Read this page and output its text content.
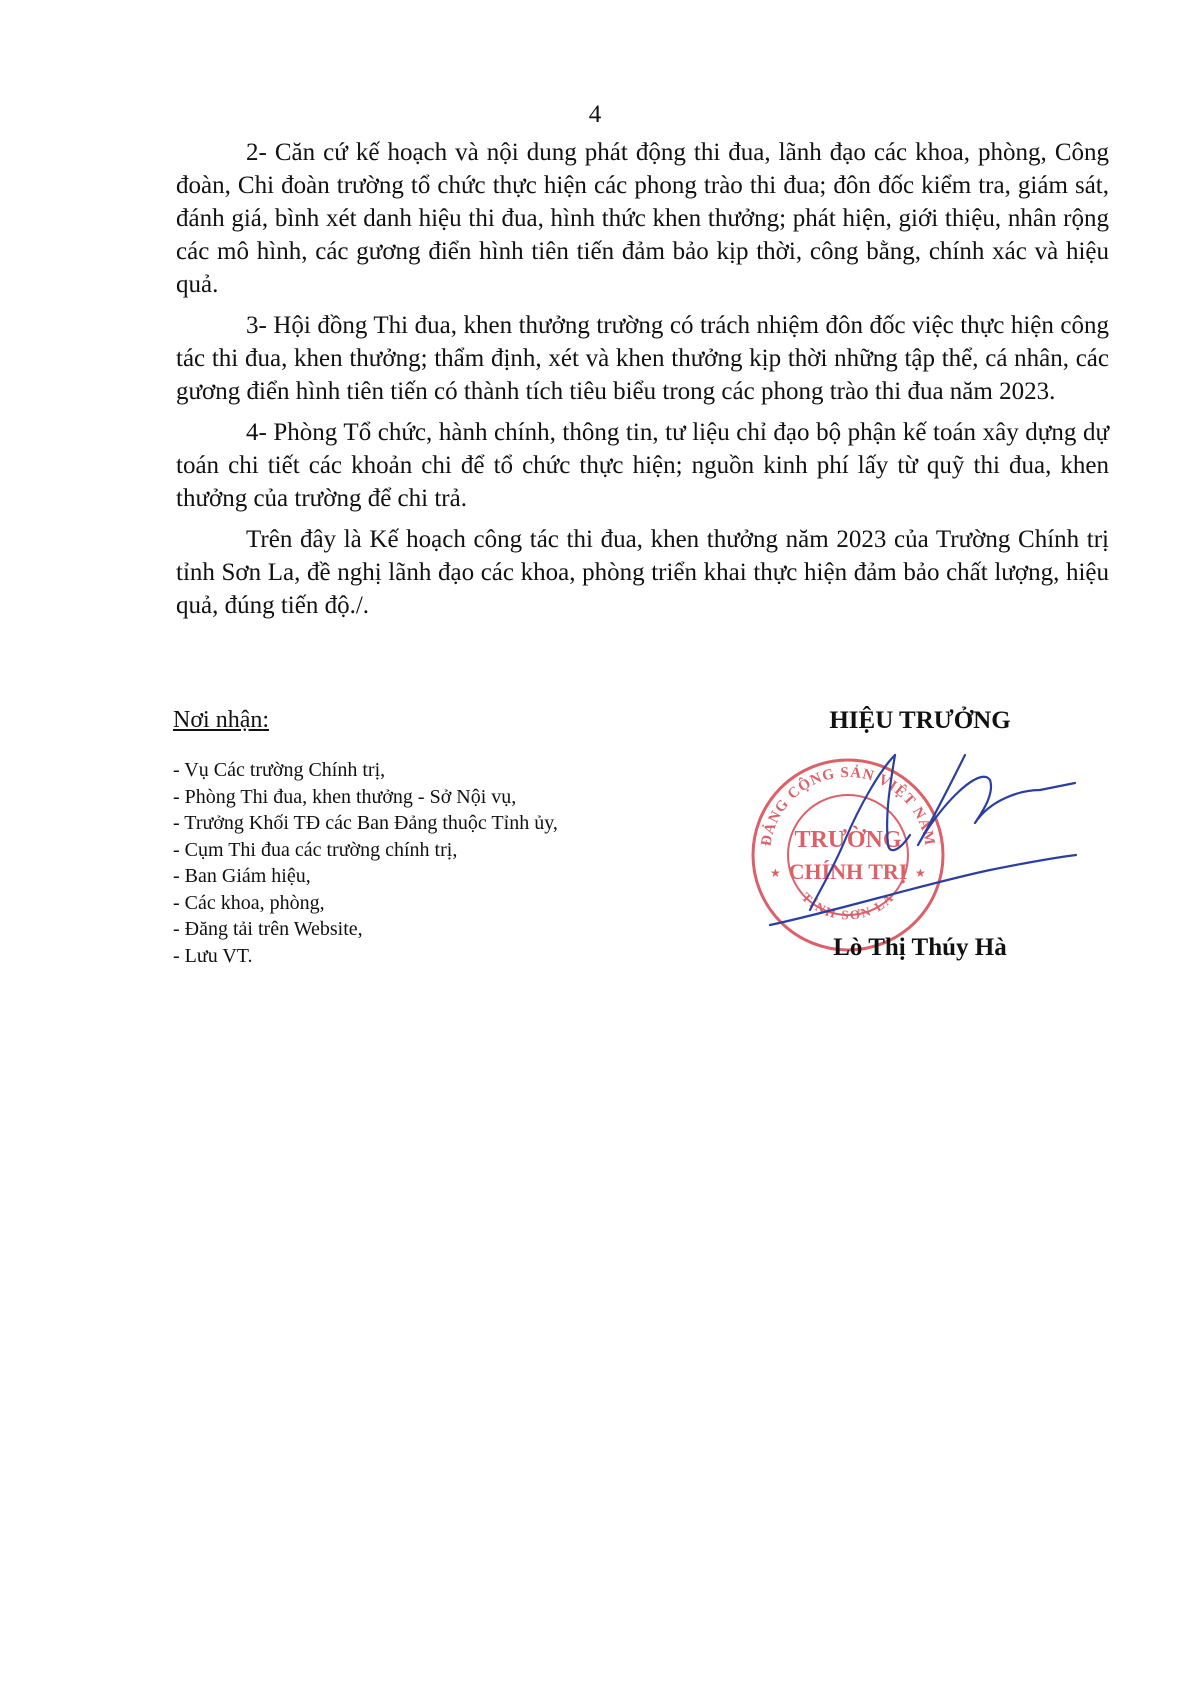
4

2- Căn cứ kế hoạch và nội dung phát động thi đua, lãnh đạo các khoa, phòng, Công đoàn, Chi đoàn trường tổ chức thực hiện các phong trào thi đua; đôn đốc kiểm tra, giám sát, đánh giá, bình xét danh hiệu thi đua, hình thức khen thưởng; phát hiện, giới thiệu, nhân rộng các mô hình, các gương điển hình tiên tiến đảm bảo kịp thời, công bằng, chính xác và hiệu quả.

3- Hội đồng Thi đua, khen thưởng trường có trách nhiệm đôn đốc việc thực hiện công tác thi đua, khen thưởng; thẩm định, xét và khen thưởng kịp thời những tập thể, cá nhân, các gương điển hình tiên tiến có thành tích tiêu biểu trong các phong trào thi đua năm 2023.

4- Phòng Tổ chức, hành chính, thông tin, tư liệu chỉ đạo bộ phận kế toán xây dựng dự toán chi tiết các khoản chi để tổ chức thực hiện; nguồn kinh phí lấy từ quỹ thi đua, khen thưởng của trường để chi trả.

Trên đây là Kế hoạch công tác thi đua, khen thưởng năm 2023 của Trường Chính trị tỉnh Sơn La, đề nghị lãnh đạo các khoa, phòng triển khai thực hiện đảm bảo chất lượng, hiệu quả, đúng tiến độ./.

Nơi nhận:
- Vụ Các trường Chính trị,
- Phòng Thi đua, khen thưởng - Sở Nội vụ,
- Trưởng Khối TĐ các Ban Đảng thuộc Tỉnh ủy,
- Cụm Thi đua các trường chính trị,
- Ban Giám hiệu,
- Các khoa, phòng,
- Đăng tải trên Website,
- Lưu VT.
HIỆU TRƯỞNG
ĐẢNG CỘNG SẢN VIỆT NAM
TỈNH SƠN LA
★	★
TRƯỜNG
CHÍNH TRỊ
Lò Thị Thúy Hà
